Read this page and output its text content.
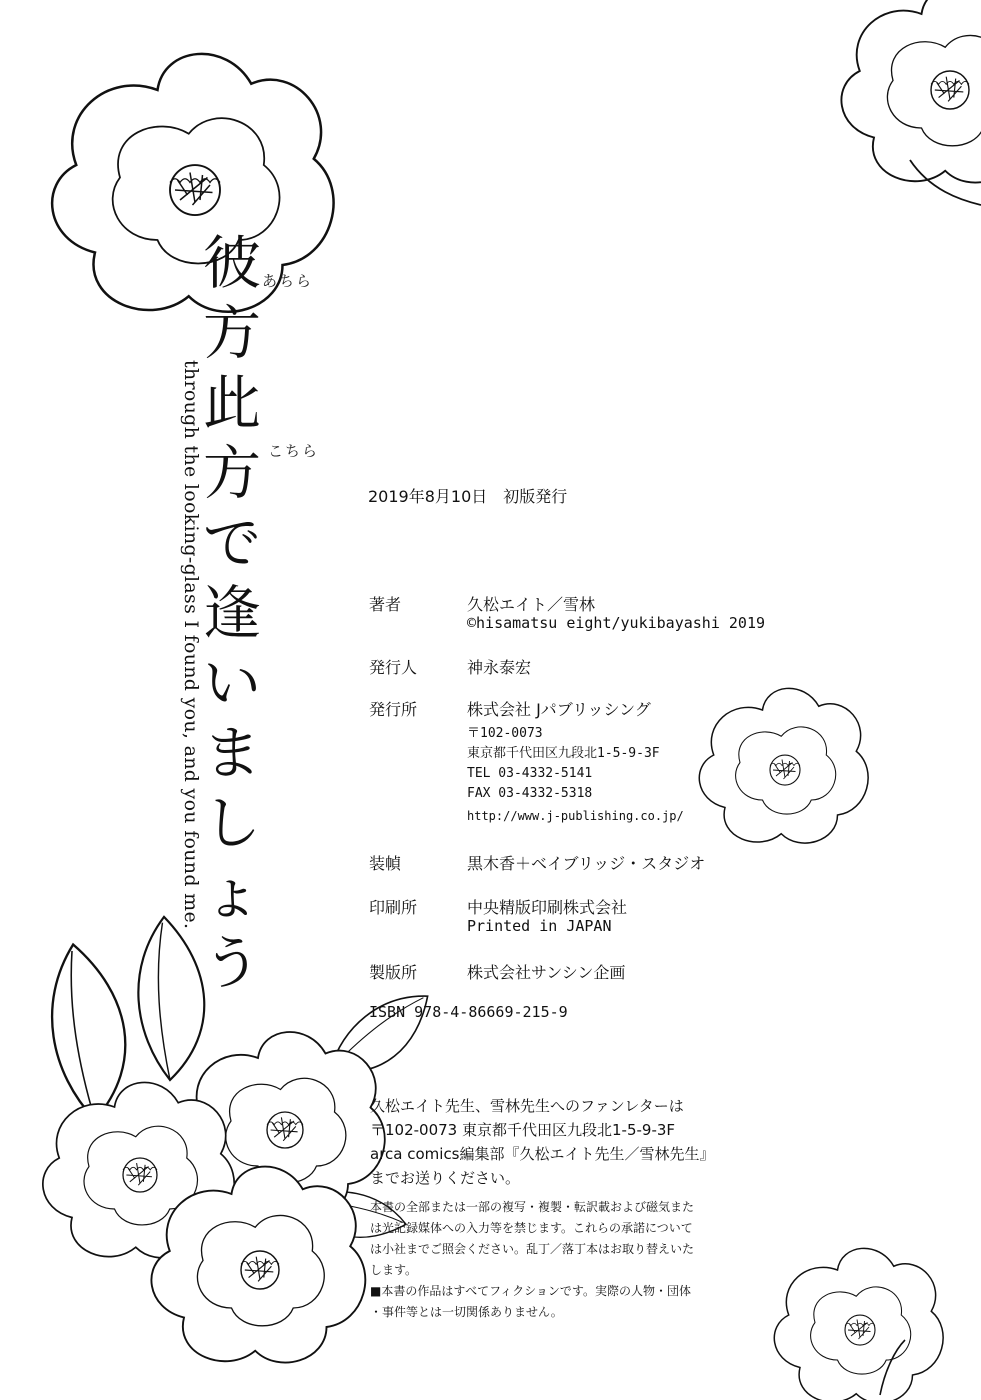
彼
方
此
方
で
逢
い
ま
し
ょ
う
あちら
こちら
through the looking-glass I found you, and you found me.	2019年8月10日　初版発行
著者	久松エイト／雪林
©hisamatsu eight/yukibayashi 2019
発行人	神永泰宏
発行所	株式会社 Jパブリッシング
〒102-0073
東京都千代田区九段北1-5-9-3F
TEL 03-4332-5141
FAX 03-4332-5318
http://www.j-publishing.co.jp/
装幀	黒木香＋ベイブリッジ・スタジオ
印刷所	中央精版印刷株式会社
Printed in JAPAN
製版所	株式会社サンシン企画
ISBN 978-4-86669-215-9
久松エイト先生、雪林先生へのファンレターは
〒102-0073 東京都千代田区九段北1-5-9-3F
arca comics編集部『久松エイト先生／雪林先生』
までお送りください。
本書の全部または一部の複写・複製・転訳載および磁気また
は光記録媒体への入力等を禁じます。これらの承諾について
は小社までご照会ください。乱丁／落丁本はお取り替えいた
します。
■本書の作品はすべてフィクションです。実際の人物・団体
・事件等とは一切関係ありません。
